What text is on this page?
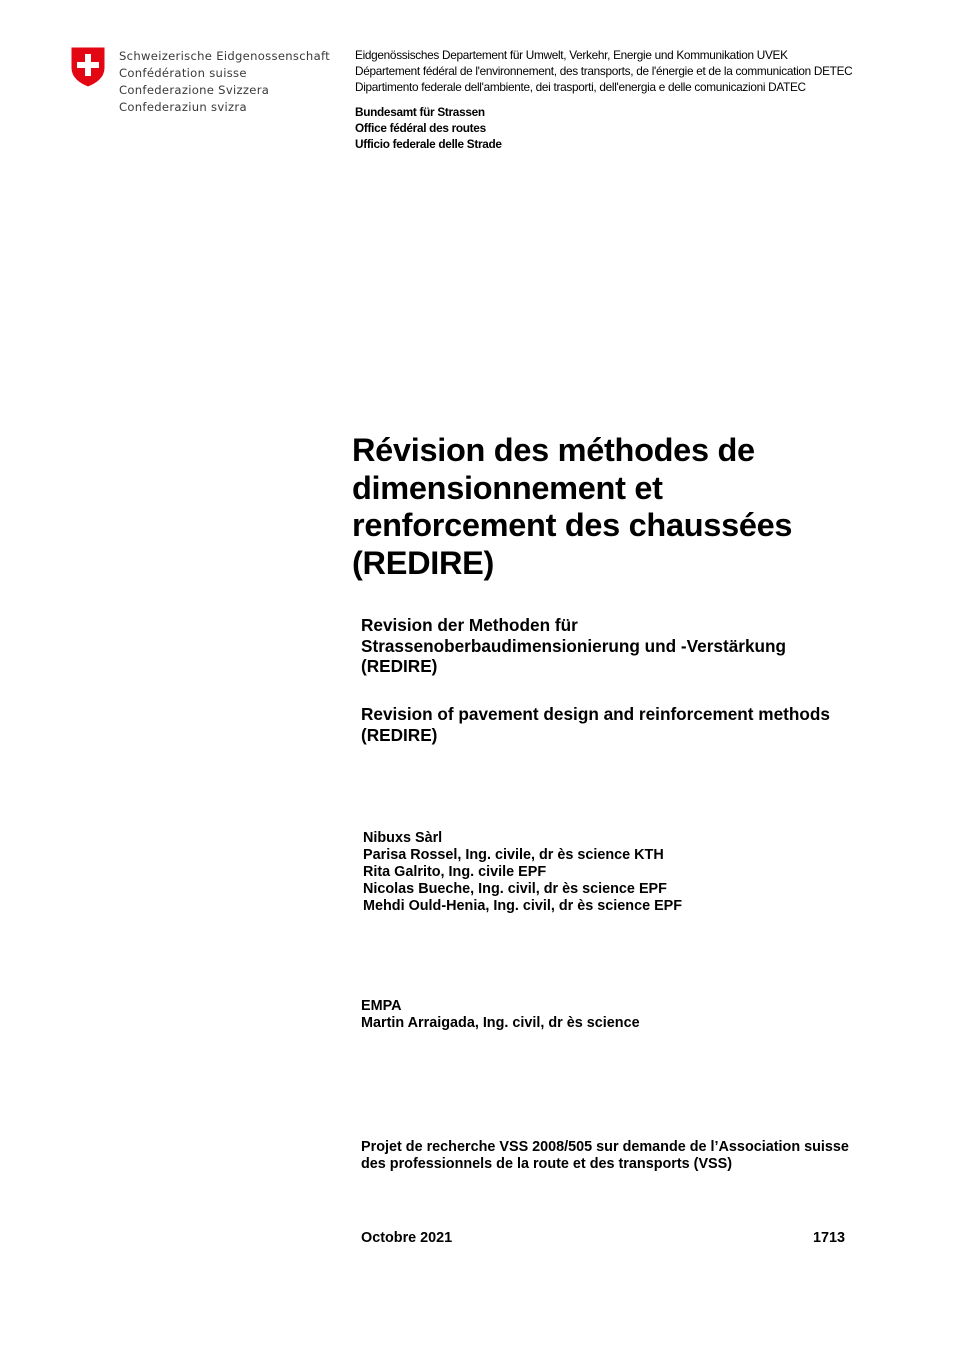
Schweizerische Eidgenossenschaft
Confédération suisse
Confederazione Svizzera
Confederaziun svizra
Eidgenössisches Departement für Umwelt, Verkehr, Energie und Kommunikation UVEK
Département fédéral de l'environnement, des transports, de l'énergie et de la communication DETEC
Dipartimento federale dell'ambiente, dei trasporti, dell'energia e delle comunicazioni DATEC
Bundesamt für Strassen
Office fédéral des routes
Ufficio federale delle Strade
Révision des méthodes de
dimensionnement et
renforcement des chaussées
(REDIRE)
Revision der Methoden für
Strassenoberbaudimensionierung und -Verstärkung
(REDIRE)
Revision of pavement design and reinforcement methods
(REDIRE)
Nibuxs Sàrl
Parisa Rossel, Ing. civile, dr ès science KTH
Rita Galrito, Ing. civile EPF
Nicolas Bueche, Ing. civil, dr ès science EPF
Mehdi Ould-Henia, Ing. civil, dr ès science EPF
EMPA
Martin Arraigada, Ing. civil, dr ès science
Projet de recherche VSS 2008/505 sur demande de l’Association suisse
des professionnels de la route et des transports (VSS)
Octobre 2021	1713
